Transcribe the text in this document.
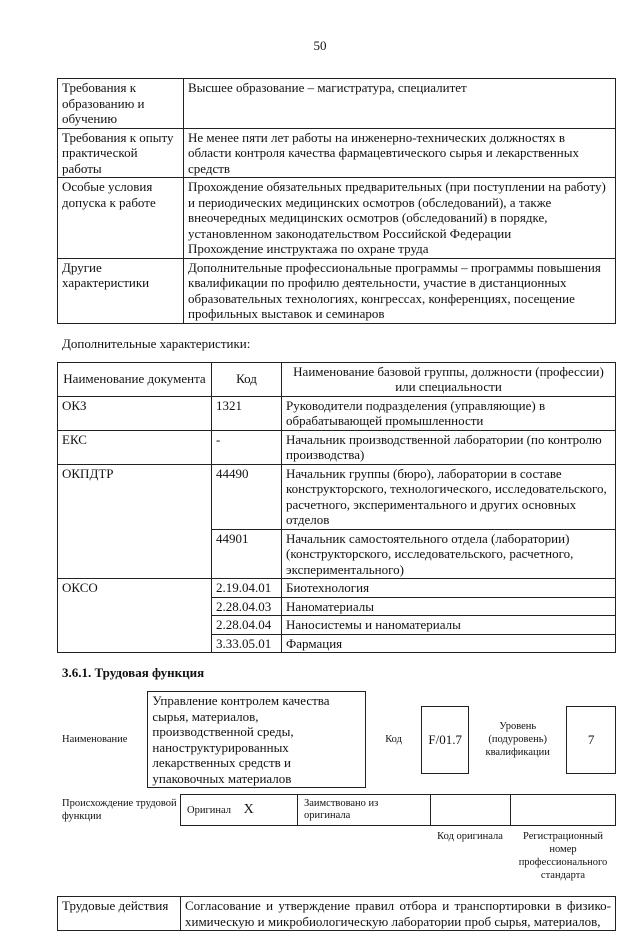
50
Требования к образованию и обучению	Высшее образование – магистратура, специалитет
Требования к опыту практической работы	Не менее пяти лет работы на инженерно-технических должностях в области контроля качества фармацевтического сырья и лекарственных средств
Особые условия допуска к работе	Прохождение обязательных предварительных (при поступлении на работу) и периодических медицинских осмотров (обследований), а также внеочередных медицинских осмотров (обследований) в порядке, установленном законодательством Российской Федерации
Прохождение инструктажа по охране труда

Другие характеристики	Дополнительные профессиональные программы – программы повышения квалификации по профилю деятельности, участие в дистанционных образовательных технологиях, конгрессах, конференциях, посещение профильных выставок и семинаров
Дополнительные характеристики:
Наименование документа	Код	Наименование базовой группы, должности (профессии) или специальности
ОКЗ	1321	Руководители подразделения (управляющие) в обрабатывающей промышленности
ЕКС	-	Начальник производственной лаборатории (по контролю производства)
ОКПДТР	44490	Начальник группы (бюро), лаборатории в составе конструкторского, технологического, исследовательского, расчетного, экспериментального и других основных отделов
	44901	Начальник самостоятельного отдела (лаборатории) (конструкторского, исследовательского, расчетного, экспериментального)
ОКСО	2.19.04.01	Биотехнология
	2.28.04.03	Наноматериалы
	2.28.04.04	Наносистемы и наноматериалы
	3.33.05.01	Фармация
3.6.1. Трудовая функция
Наименование
Управление контролем качества сырья, материалов, производственной среды, наноструктурированных лекарственных средств и упаковочных материалов
Код	F/01.7
Уровень (подуровень) квалификации
7
Происхождение трудовой функции
Оригинал X	Заимствовано из оригинала		
Код оригинала	Регистрационный номер профессионального стандарта
Трудовые действия	Согласование и утверждение правил отбора и транспортировки в физико-химическую и микробиологическую лаборатории проб сырья, материалов,
